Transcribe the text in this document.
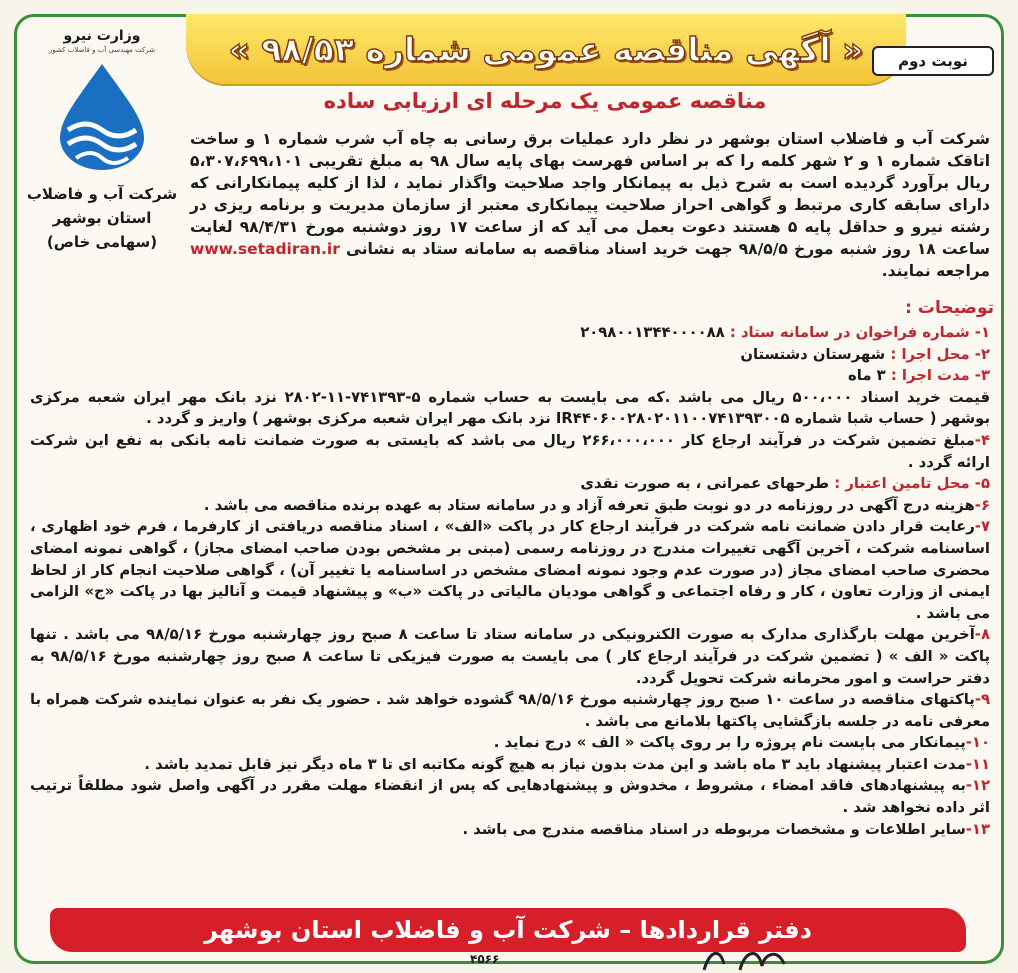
« آگهی مناقصه عمومی شماره ۹۸/۵۳ »	نوبت دوم
وزارت نیرو
شرکت مهندسی آب و فاضلاب کشور
شرکت آب و فاضلاب
استان بوشهر
(سهامی خاص)
مناقصه عمومی یک مرحله ای ارزیابی ساده
شرکت آب و فاضلاب استان بوشهر در نظر دارد عملیات برق رسانی به چاه آب شرب شماره ۱ و ساخت اتاقک شماره ۱ و ۲ شهر کلمه را که بر اساس فهرست بهای پایه سال ۹۸ به مبلغ تقریبی ۵،۳۰۷،۶۹۹،۱۰۱ ریال برآورد گردیده است به شرح ذیل به پیمانکار واجد صلاحیت واگذار نماید ، لذا از کلیه پیمانکارانی که دارای سابقه کاری مرتبط و گواهی احراز صلاحیت پیمانکاری معتبر از سازمان مدیریت و برنامه ریزی در رشته نیرو و حداقل پایه ۵ هستند دعوت بعمل می آید که از ساعت ۱۷ روز دوشنبه مورخ ۹۸/۴/۳۱ لغایت ساعت ۱۸ روز شنبه مورخ ۹۸/۵/۵ جهت خرید اسناد مناقصه به سامانه ستاد به نشانی www.setadiran.ir مراجعه نمایند.
توضیحات :

۱- شماره فراخوان در سامانه ستاد : ۲۰۹۸۰۰۱۳۴۴۰۰۰۰۸۸

۲- محل اجرا : شهرستان دشتستان

۳- مدت اجرا : ۳ ماه

قیمت خرید اسناد ۵۰۰،۰۰۰ ریال می باشد .که می بایست به حساب شماره ۵-۷۴۱۳۹۳-۱۱-۲۸۰۲ نزد بانک مهر ایران شعبه مرکزی بوشهر ( حساب شبا شماره IR۴۴۰۶۰۰۲۸۰۲۰۱۱۰۰۷۴۱۳۹۳۰۰۵ نزد بانک مهر ایران شعبه مرکزی بوشهر ) واریز و گردد .

۴-مبلغ تضمین شرکت در فرآیند ارجاع کار ۲۶۶،۰۰۰،۰۰۰ ریال می باشد که بایستی به صورت ضمانت نامه بانکی به نفع این شرکت ارائه گردد .

۵- محل تامین اعتبار : طرحهای عمرانی ، به صورت نقدی

۶-هزینه درج آگهی در روزنامه در دو نوبت طبق تعرفه آزاد و در سامانه ستاد به عهده برنده مناقصه می باشد .

۷-رعایت قرار دادن ضمانت نامه شرکت در فرآیند ارجاع کار در پاکت «الف» ، اسناد مناقصه دریافتی از کارفرما ، فرم خود اظهاری ، اساسنامه شرکت ، آخرین آگهی تغییرات مندرج در روزنامه رسمی (مبنی بر مشخص بودن صاحب امضای مجاز) ، گواهی نمونه امضای محضری صاحب امضای مجاز (در صورت عدم وجود نمونه امضای مشخص در اساسنامه یا تغییر آن) ، گواهی صلاحیت انجام کار از لحاظ ایمنی از وزارت تعاون ، کار و رفاه اجتماعی و گواهی مودیان مالیاتی در پاکت «ب» و پیشنهاد قیمت و آنالیز بها در پاکت «ج» الزامی می باشد .

۸-آخرین مهلت بارگذاری مدارک به صورت الکترونیکی در سامانه ستاد تا ساعت ۸ صبح روز چهارشنبه مورخ ۹۸/۵/۱۶ می باشد . تنها پاکت « الف » ( تضمین شرکت در فرآیند ارجاع کار ) می بایست به صورت فیزیکی تا ساعت ۸ صبح روز چهارشنبه مورخ ۹۸/۵/۱۶ به دفتر حراست و امور محرمانه شرکت تحویل گردد.

۹-پاکتهای مناقصه در ساعت ۱۰ صبح روز چهارشنبه مورخ ۹۸/۵/۱۶ گشوده خواهد شد . حضور یک نفر به عنوان نماینده شرکت همراه با معرفی نامه در جلسه بازگشایی پاکتها بلامانع می باشد .

۱۰-پیمانکار می بایست نام پروژه را بر روی پاکت « الف » درج نماید .

۱۱-مدت اعتبار پیشنهاد باید ۳ ماه باشد و این مدت بدون نیاز به هیچ گونه مکاتبه ای تا ۳ ماه دیگر نیز قابل تمدید باشد .

۱۲-به پیشنهادهای فاقد امضاء ، مشروط ، مخدوش و پیشنهادهایی که پس از انقضاء مهلت مقرر در آگهی واصل شود مطلقاً ترتیب اثر داده نخواهد شد .

۱۳-سایر اطلاعات و مشخصات مربوطه در اسناد مناقصه مندرج می باشد .

دفتر قراردادها – شرکت آب و فاضلاب استان بوشهر
۴۵۶۶
